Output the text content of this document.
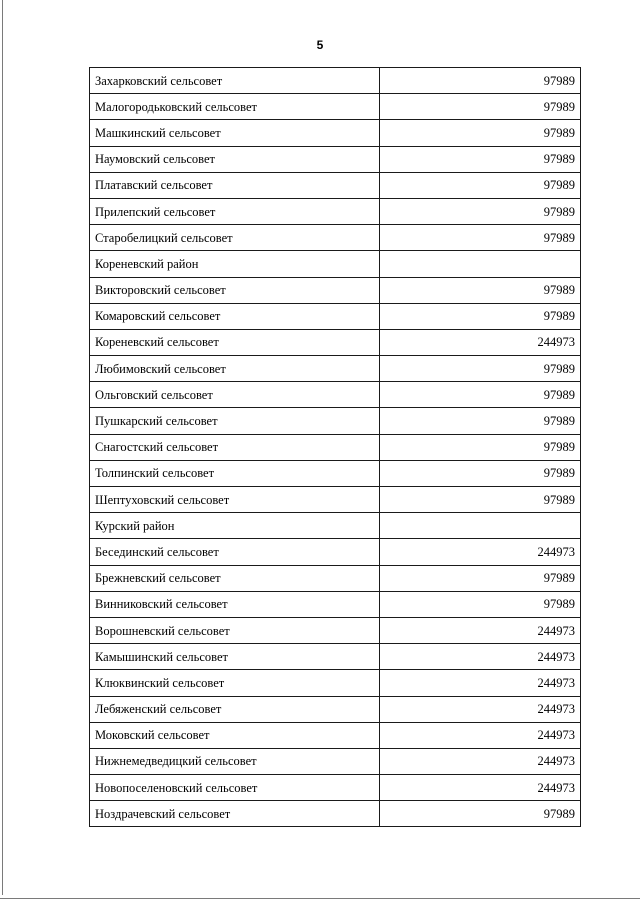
5
Захарковский сельсовет	97989
Малогородьковский сельсовет	97989
Машкинский сельсовет	97989
Наумовский сельсовет	97989
Платавский сельсовет	97989
Прилепский сельсовет	97989
Старобелицкий сельсовет	97989
Кореневский район	
Викторовский сельсовет	97989
Комаровский сельсовет	97989
Кореневский сельсовет	244973
Любимовский сельсовет	97989
Ольговский сельсовет	97989
Пушкарский сельсовет	97989
Снагостский сельсовет	97989
Толпинский сельсовет	97989
Шептуховский сельсовет	97989
Курский район	
Бесединский сельсовет	244973
Брежневский сельсовет	97989
Винниковский сельсовет	97989
Ворошневский сельсовет	244973
Камышинский сельсовет	244973
Клюквинский сельсовет	244973
Лебяженский сельсовет	244973
Моковский сельсовет	244973
Нижнемедведицкий сельсовет	244973
Новопоселеновский сельсовет	244973
Ноздрачевский сельсовет	97989
